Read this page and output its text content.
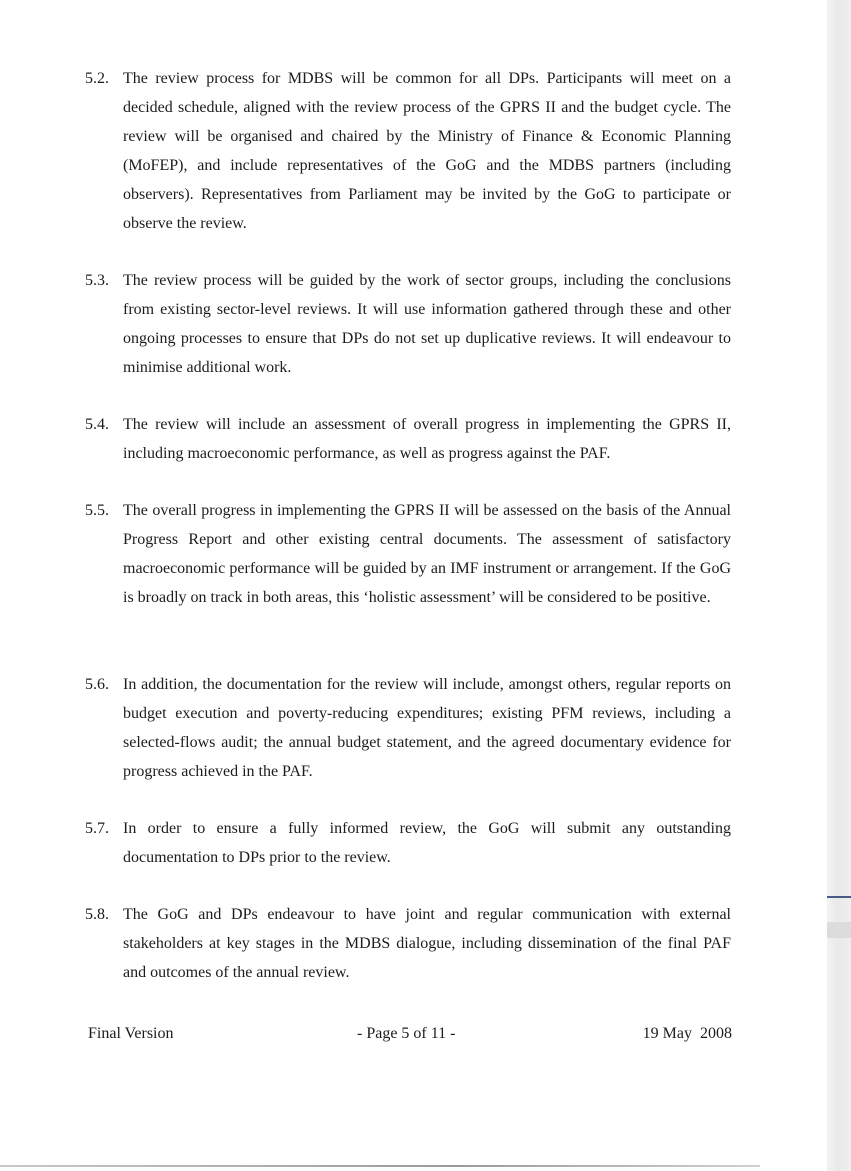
5.2. The review process for MDBS will be common for all DPs. Participants will meet on a decided schedule, aligned with the review process of the GPRS II and the budget cycle. The review will be organised and chaired by the Ministry of Finance & Economic Planning (MoFEP), and include representatives of the GoG and the MDBS partners (including observers). Representatives from Parliament may be invited by the GoG to participate or observe the review.

5.3. The review process will be guided by the work of sector groups, including the conclusions from existing sector-level reviews. It will use information gathered through these and other ongoing processes to ensure that DPs do not set up duplicative reviews. It will endeavour to minimise additional work.

5.4. The review will include an assessment of overall progress in implementing the GPRS II, including macroeconomic performance, as well as progress against the PAF.

5.5. The overall progress in implementing the GPRS II will be assessed on the basis of the Annual Progress Report and other existing central documents. The assessment of satisfactory macroeconomic performance will be guided by an IMF instrument or arrangement. If the GoG is broadly on track in both areas, this ‘holistic assessment’ will be considered to be positive.

5.6. In addition, the documentation for the review will include, amongst others, regular reports on budget execution and poverty-reducing expenditures; existing PFM reviews, including a selected-flows audit; the annual budget statement, and the agreed documentary evidence for progress achieved in the PAF.

5.7. In order to ensure a fully informed review, the GoG will submit any outstanding documentation to DPs prior to the review.

5.8. The GoG and DPs endeavour to have joint and regular communication with external stakeholders at key stages in the MDBS dialogue, including dissemination of the final PAF and outcomes of the annual review.

Final Version	- Page 5 of 11 -	19 May  2008
